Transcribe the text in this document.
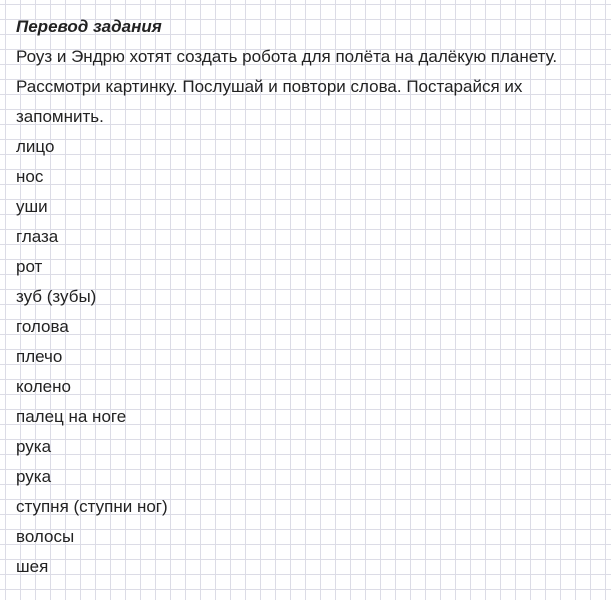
Перевод задания

Роуз и Эндрю хотят создать робота для полёта на далёкую планету.

Рассмотри картинку. Послушай и повтори слова. Постарайся их

запомнить.

лицо
нос
уши
глаза
рот
зуб (зубы)
голова
плечо
колено
палец на ноге
рука
рука
ступня (ступни ног)
волосы
шея
